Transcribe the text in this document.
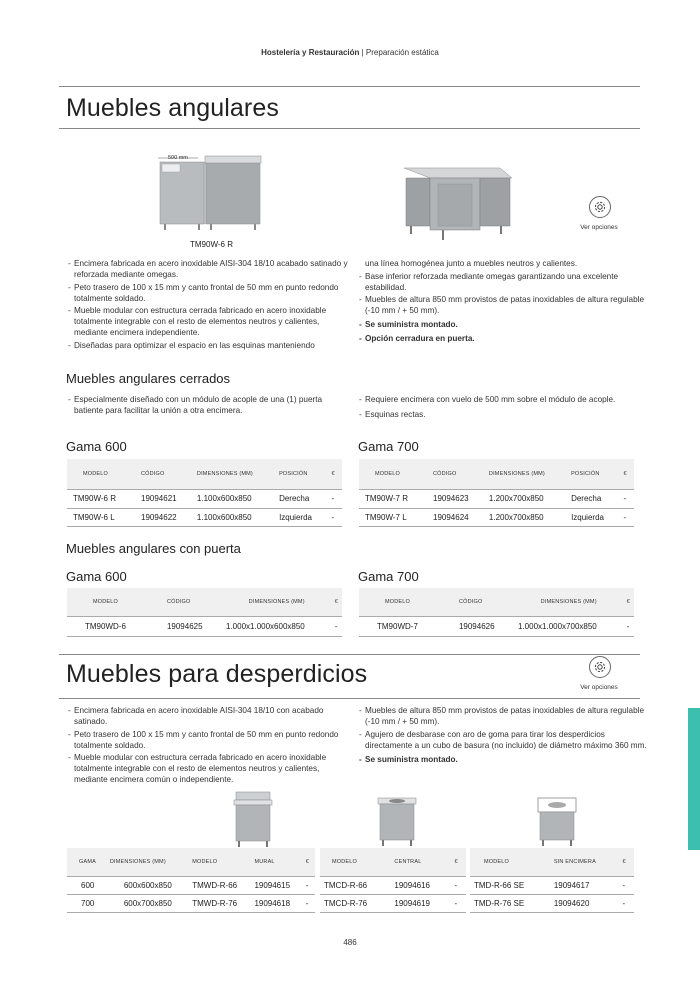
Hostelería y Restauración | Preparación estática
Muebles angulares
500 mm
TM90W-6 R
Ver opciones
- Encimera fabricada en acero inoxidable AISI-304 18/10 acabado satinado y reforzada mediante omegas.
- Peto trasero de 100 x 15 mm y canto frontal de 50 mm en punto redondo totalmente soldado.
- Mueble modular con estructura cerrada fabricado en acero inoxidable totalmente integrable con el resto de elementos neutros y calientes, mediante encimera independiente.
- Diseñadas para optimizar el espacio en las esquinas manteniendo
una línea homogénea junto a muebles neutros y calientes.
- Base inferior reforzada mediante omegas garantizando una excelente estabilidad.
- Muebles de altura 850 mm provistos de patas inoxidables de altura regulable (-10 mm / + 50 mm).
- Se suministra montado.
- Opción cerradura en puerta.
Muebles angulares cerrados
- Especialmente diseñado con un módulo de acople de una (1) puerta batiente para facilitar la unión a otra encimera.
- Requiere encimera con vuelo de 500 mm sobre el módulo de acople.
- Esquinas rectas.
Gama 600	Gama 700
MODELO	CÓDIGO	DIMENSIONES (MM)	POSICIÓN	€
TM90W-6 R	19094621	1.100x600x850	Derecha	-
TM90W-6 L	19094622	1.100x600x850	Izquierda	-
MODELO	CÓDIGO	DIMENSIONES (MM)	POSICIÓN	€
TM90W-7 R	19094623	1.200x700x850	Derecha	-
TM90W-7 L	19094624	1.200x700x850	Izquierda	-
Muebles angulares con puerta
Gama 600	Gama 700
MODELO	CÓDIGO	DIMENSIONES (MM)	€
TM90WD-6	19094625	1.000x1.000x600x850	-
MODELO	CÓDIGO	DIMENSIONES (MM)	€
TM90WD-7	19094626	1.000x1.000x700x850	-
Muebles para desperdicios	Ver opciones
- Encimera fabricada en acero inoxidable AISI-304 18/10 con acabado satinado.
- Peto trasero de 100 x 15 mm y canto frontal de 50 mm en punto redondo totalmente soldado.
- Mueble modular con estructura cerrada fabricado en acero inoxidable totalmente integrable con el resto de elementos neutros y calientes, mediante encimera común o independiente.
- Muebles de altura 850 mm provistos de patas inoxidables de altura regulable (-10 mm / + 50 mm).
- Agujero de desbarase con aro de goma para tirar los desperdicios directamente a un cubo de basura (no incluido) de diámetro máximo 360 mm.
- Se suministra montado.
GAMA	DIMENSIONES (MM)	MODELO	MURAL	€
600	600x600x850	TMWD-R-66	19094615	-
700	600x700x850	TMWD-R-76	19094618	-
MODELO	CENTRAL	€
TMCD-R-66	19094616	-
TMCD-R-76	19094619	-
MODELO	SIN ENCIMERA	€
TMD-R-66 SE	19094617	-
TMD-R-76 SE	19094620	-
486
